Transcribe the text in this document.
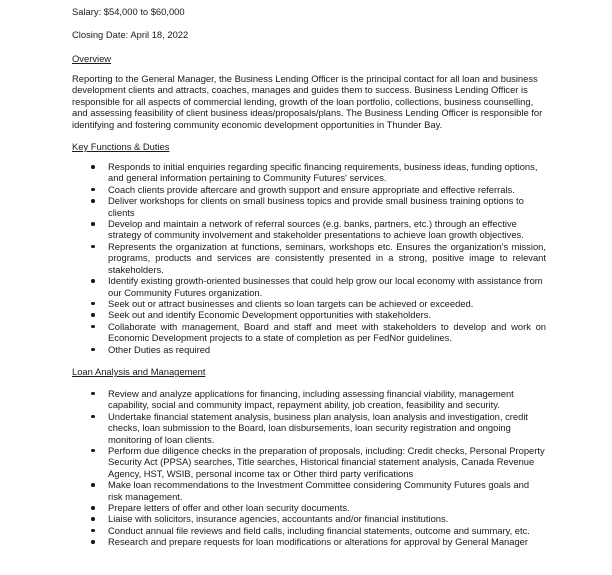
Salary: $54,000 to $60,000

Closing Date: April 18, 2022

Overview

Reporting to the General Manager, the Business Lending Officer is the principal contact for all loan and business development clients and attracts, coaches, manages and guides them to success. Business Lending Officer is responsible for all aspects of commercial lending, growth of the loan portfolio, collections, business counselling, and assessing feasibility of client business ideas/proposals/plans. The Business Lending Officer is responsible for identifying and fostering community economic development opportunities in Thunder Bay.

Key Functions & Duties

Responds to initial enquiries regarding specific financing requirements, business ideas, funding options, and general information pertaining to Community Futures' services.
Coach clients provide aftercare and growth support and ensure appropriate and effective referrals.
Deliver workshops for clients on small business topics and provide small business training options to clients
Develop and maintain a network of referral sources (e.g. banks, partners, etc.) through an effective strategy of community involvement and stakeholder presentations to achieve loan growth objectives.
Represents the organization at functions, seminars, workshops etc. Ensures the organization's mission, programs, products and services are consistently presented in a strong, positive image to relevant stakeholders.
Identify existing growth-oriented businesses that could help grow our local economy with assistance from our Community Futures organization.
Seek out or attract businesses and clients so loan targets can be achieved or exceeded.
Seek out and identify Economic Development opportunities with stakeholders.
Collaborate with management, Board and staff and meet with stakeholders to develop and work on Economic Development projects to a state of completion as per FedNor guidelines.
Other Duties as required

Loan Analysis and Management

Review and analyze applications for financing, including assessing financial viability, management capability, social and community impact, repayment ability, job creation, feasibility and security.
Undertake financial statement analysis, business plan analysis, loan analysis and investigation, credit checks, loan submission to the Board, loan disbursements, loan security registration and ongoing monitoring of loan clients.
Perform due diligence checks in the preparation of proposals, including: Credit checks, Personal Property Security Act (PPSA) searches, Title searches, Historical financial statement analysis, Canada Revenue Agency, HST, WSIB, personal income tax or Other third party verifications
Make loan recommendations to the Investment Committee considering Community Futures goals and risk management.
Prepare letters of offer and other loan security documents.
Liaise with solicitors, insurance agencies, accountants and/or financial institutions.
Conduct annual file reviews and field calls, including financial statements, outcome and summary, etc.
Research and prepare requests for loan modifications or alterations for approval by General Manager
